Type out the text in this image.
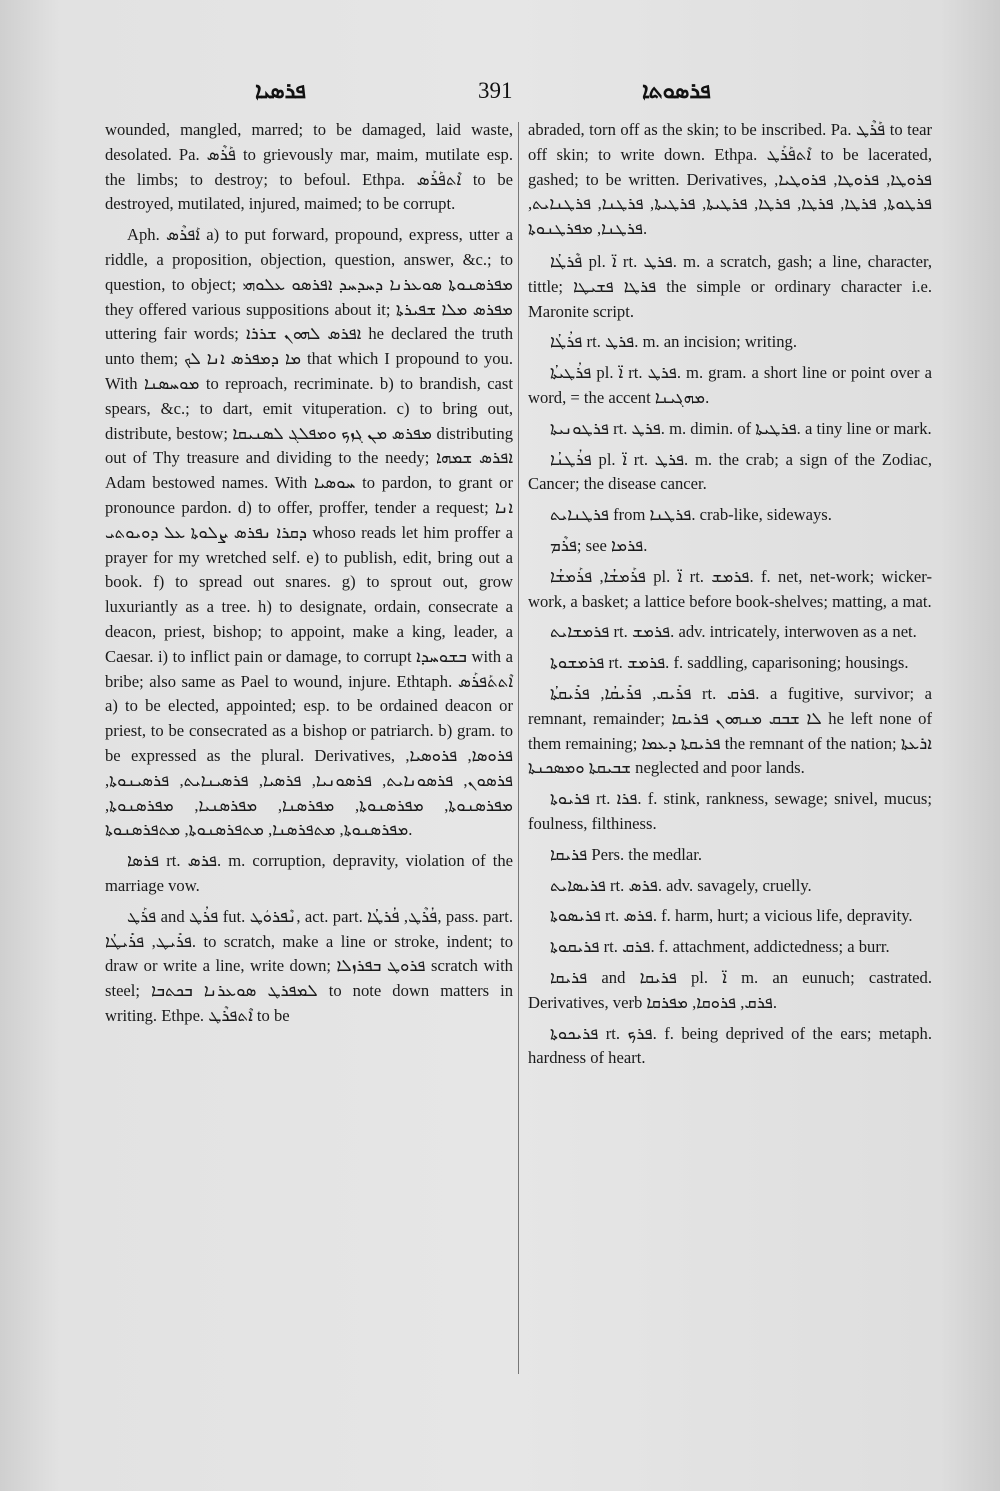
ܦܪܣܝܐ	391	ܦܪܣܘܬܐ

wounded, mangled, marred; to be damaged, laid waste, desolated. Pa. ܦܰܪܶܣ to grievously mar, maim, mutilate esp. the limbs; to destroy; to befoul. Ethpa. ܐܶܬܦܰܪܰܣ to be destroyed, mutilated, injured, maimed; to be corrupt.

Aph. ܐܰܦܪܶܣ a) to put forward, propound, express, utter a riddle, a proposition, objection, question, answer, &c.; to question, to object; ܡܦܪܣܢܘܬܐ ܣܘܥܪܢܐ ܕܚܕܚܕ ܐܦܪܣܘ ܥܠܘܗܝ they offered various suppositions about it; ܡܦܪܣ ܡܠܐ ܫܦܝܪܬܐ uttering fair words; ܐܦܪܣ ܠܗܘܢ ܫܪܪܐ he declared the truth unto them; ܡܐ ܕܡܦܪܣ ܐܢܐ ܠܟ that which I propound to you. With ܡܘܚܣܢܐ to reproach, recriminate. b) to brandish, cast spears, &c.; to dart, emit vituperation. c) to bring out, distribute, bestow; ܡܦܪܣ ܡܢ ܓܙܟ ܘܡܦܠܓ ܠܣܢܝܩܐ distributing out of Thy treasure and dividing to the needy; ܐܦܪܣ ܫܡܗܐ Adam bestowed names. With ܚܘܣܝܐ to pardon, to grant or pronounce pardon. d) to offer, proffer, tender a request; ܐܢܐ ܕܩܪܐ ܢܦܪܣ ܨܠܘܬܐ ܥܠ ܕܘܝܘܬܝ whoso reads let him proffer a prayer for my wretched self. e) to publish, edit, bring out a book. f) to spread out snares. g) to sprout out, grow luxuriantly as a tree. h) to designate, ordain, consecrate a deacon, priest, bishop; to appoint, make a king, leader, a Caesar. i) to inflict pain or damage, to corrupt ܒܫܘܚܕܐ with a bribe; also same as Pael to wound, injure. Ethtaph. ܐܶܬܬܰܦܪܰܣ a) to be elected, appointed; esp. to be ordained deacon or priest, to be consecrated as a bishop or patriarch. b) gram. to be expressed as the plural. Derivatives, ܦܪܘܣܐ, ܦܪܘܣܝܐ, ܦܪܣܘܢ, ܦܪܣܘܢܐܝܬ, ܦܪܣܘܢܝܐ, ܦܪܣܝܐ, ܦܪܣܝܢܐܝܬ, ܦܪܣܝܢܘܬܐ, ܡܦܪܣܢܘܬܐ, ܡܦܪܣܢܘܬܐ, ܡܦܪܣܢܐ, ܡܦܪܣܢܝܐ, ܡܦܪܣܢܘܬܐ, ܡܦܪܣܢܘܬܐ, ܡܬܦܪܣܢܐ, ܡܬܦܪܣܢܘܬܐ, ܡܬܦܪܣܢܘܬܐ.

ܦܪܣܐ rt. ܦܪܣ. m. corruption, depravity, violation of the marriage vow.

ܦܪܰܛ and ܦܪܳܛ fut. ܢܶܦܪܘܿܛ, act. part. ܦܳܪܶܛ, ܦܳܪܛܳܐ, pass. part. ܦܪܺܝܛ, ܦܪܺܝܛܳܐ. to scratch, make a line or stroke, indent; to draw or write a line, write down; ܦܪܘܛ ܒܦܪܙܠܐ scratch with steel; ܠܡܦܪܛ ܣܘܥܪܢܐ ܒܟܬܒܐ to note down matters in writing. Ethpe. ܐܶܬܦܪܶܛ to be

abraded, torn off as the skin; to be inscribed. Pa. ܦܰܪܶܛ to tear off skin; to write down. Ethpa. ܐܶܬܦܰܪܰܛ to be lacerated, gashed; to be written. Derivatives, ܦܪܘܛܐ, ܦܪܘܛܐ, ܦܪܘܛܝܐ, ܦܪܛܘܬܐ, ܦܪܛܐ, ܦܪܛܐ, ܦܪܛܐ, ܦܪܛܝܬܐ, ܦܪܛܝܬܐ, ܦܪܛܢܐ, ܦܪܛܢܐܝܬ, ܦܪܛܢܐ, ܡܦܪܛܢܘܬܐ.

ܦܶܪܛܳܐ pl. ܐ̈ rt. ܦܪܛ. m. a scratch, gash; a line, character, tittle; ܦܪܛܐ ܦܫܝܛܐ the simple or ordinary character i.e. Maronite script.

ܦܪܳܛܳܐ rt. ܦܪܛ. m. an incision; writing.

ܦܪܳܛܝܬܳܐ pl. ܐ̈ rt. ܦܪܛ. m. gram. a short line or point over a word, = the accent ܡܗܓܝܢܐ.

ܦܪܛܘܢܝܬܐ rt. ܦܪܛ. m. dimin. of ܦܪܛܝܬܐ. a tiny line or mark.

ܦܪܳܛܢܳܐ pl. ܐ̈ rt. ܦܪܛ. m. the crab; a sign of the Zodiac, Cancer; the disease cancer.

ܦܪܛܢܐܝܬ from ܦܪܛܢܐ. crab-like, sideways.

ܦܪܶܡ; see ܦܪܡܐ.

ܦܪܰܡܫܳܐ, ܦܪܰܡܫܳܐ pl. ܐ̈ rt. ܦܪܡܫ. f. net, net-work; wicker-work, a basket; a lattice before book-shelves; matting, a mat.

ܦܪܡܫܐܝܬ rt. ܦܪܡܫ. adv. intricately, interwoven as a net.

ܦܪܡܫܘܬܐ rt. ܦܪܡܫ. f. saddling, caparisoning; housings.

ܦܪܺܝܩ, ܦܪܺܝܩܳܐ, ܦܪܺܝܩܬܳܐ rt. ܦܪܩ. a fugitive, survivor; a remnant, remainder; ܠܐ ܫܒܩ ܡܢܗܘܢ ܦܪܝܩܐ he left none of them remaining; ܦܪܝܩܬܐ ܕܥܡܐ the remnant of the nation; ܐܪܥܬܐ ܫܒܝܩܬܐ ܘܡܣܟܢܬܐ neglected and poor lands.

ܦܪܝܘܬܐ rt. ܦܪܐ. f. stink, rankness, sewage; snivel, mucus; foulness, filthiness.

ܦܪܝܩܐ Pers. the medlar.

ܦܪܝܣܐܝܬ rt. ܦܪܣ. adv. savagely, cruelly.

ܦܪܝܣܘܬܐ rt. ܦܪܣ. f. harm, hurt; a vicious life, depravity.

ܦܪܝܩܘܬܐ rt. ܦܪܩ. f. attachment, addictedness; a burr.

ܦܪܝܩܐ and ܦܪܝܩܐ pl. ܐ̈ m. an eunuch; castrated. Derivatives, verb ܦܪܩ, ܦܪܘܩܐ, ܡܦܪܩܐ.

ܦܪܝܟܘܬܐ rt. ܦܪܟ. f. being deprived of the ears; metaph. hardness of heart.
